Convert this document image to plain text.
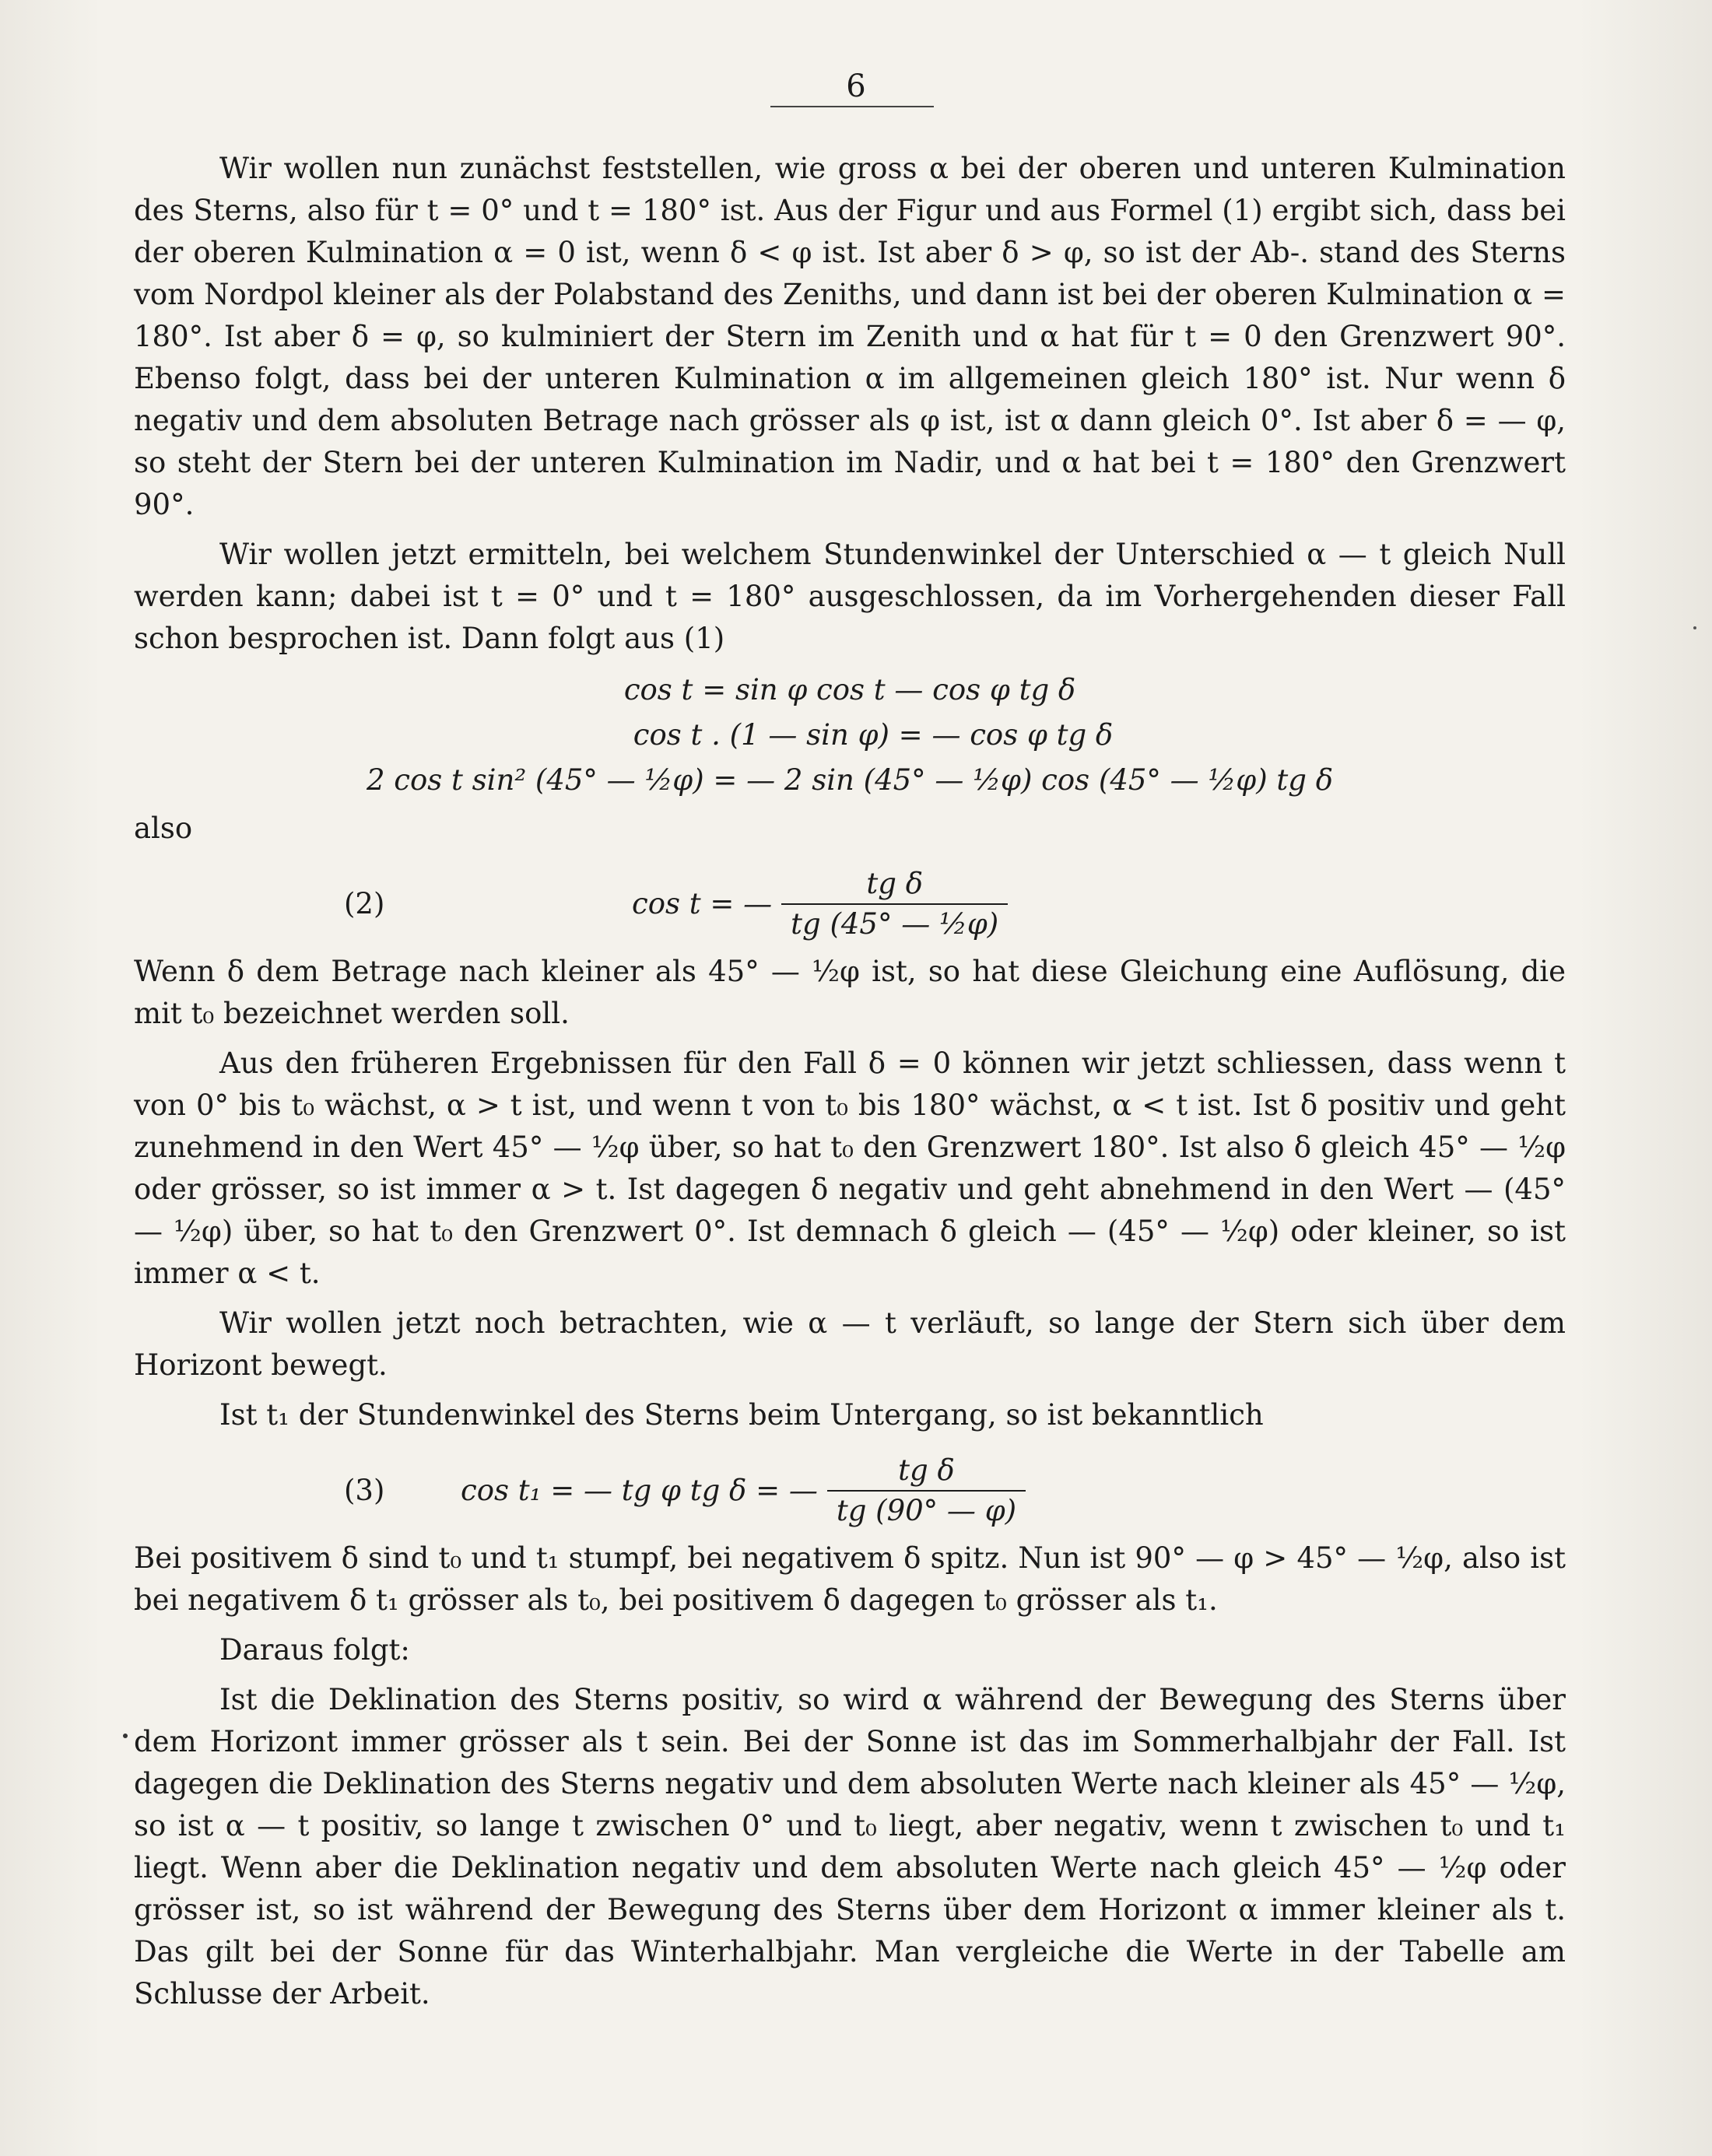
6

Wir wollen nun zunächst feststellen, wie gross α bei der oberen und unteren Kulmination des Sterns, also für t = 0° und t = 180° ist. Aus der Figur und aus Formel (1) ergibt sich, dass bei der oberen Kulmination α = 0 ist, wenn δ < φ ist. Ist aber δ > φ, so ist der Ab-. stand des Sterns vom Nordpol kleiner als der Polabstand des Zeniths, und dann ist bei der oberen Kulmination α = 180°. Ist aber δ = φ, so kulminiert der Stern im Zenith und α hat für t = 0 den Grenzwert 90°. Ebenso folgt, dass bei der unteren Kulmination α im allgemeinen gleich 180° ist. Nur wenn δ negativ und dem absoluten Betrage nach grösser als φ ist, ist α dann gleich 0°. Ist aber δ = — φ, so steht der Stern bei der unteren Kulmination im Nadir, und α hat bei t = 180° den Grenzwert 90°.

Wir wollen jetzt ermitteln, bei welchem Stundenwinkel der Unterschied α — t gleich Null werden kann; dabei ist t = 0° und t = 180° ausgeschlossen, da im Vorhergehenden dieser Fall schon besprochen ist. Dann folgt aus (1)

cos t = sin φ cos t — cos φ tg δ
cos t . (1 — sin φ) = — cos φ tg δ
2 cos t sin² (45° — ½φ) = — 2 sin (45° — ½φ) cos (45° — ½φ) tg δ

also

(2)	cos t = — $\frac{\text{tg δ}}{\text{tg (45° — ½φ)}}$

Wenn δ dem Betrage nach kleiner als 45° — ½φ ist, so hat diese Gleichung eine Auflösung, die mit t₀ bezeichnet werden soll.

Aus den früheren Ergebnissen für den Fall δ = 0 können wir jetzt schliessen, dass wenn t von 0° bis t₀ wächst, α > t ist, und wenn t von t₀ bis 180° wächst, α < t ist. Ist δ positiv und geht zunehmend in den Wert 45° — ½φ über, so hat t₀ den Grenzwert 180°. Ist also δ gleich 45° — ½φ oder grösser, so ist immer α > t. Ist dagegen δ negativ und geht abnehmend in den Wert — (45° — ½φ) über, so hat t₀ den Grenzwert 0°. Ist demnach δ gleich — (45° — ½φ) oder kleiner, so ist immer α < t.

Wir wollen jetzt noch betrachten, wie α — t verläuft, so lange der Stern sich über dem Horizont bewegt.

Ist t₁ der Stundenwinkel des Sterns beim Untergang, so ist bekanntlich

(3)	cos t₁ = — tg φ tg δ = — $\frac{\text{tg δ}}{tg (90^\circ — \varphi)}$

Bei positivem δ sind t₀ und t₁ stumpf, bei negativem δ spitz. Nun ist 90° — φ > 45° — ½φ, also ist bei negativem δ t₁ grösser als t₀, bei positivem δ dagegen t₀ grösser als t₁.

Daraus folgt:

Ist die Deklination des Sterns positiv, so wird α während der Bewegung des Sterns über dem Horizont immer grösser als t sein. Bei der Sonne ist das im Sommerhalbjahr der Fall. Ist dagegen die Deklination des Sterns negativ und dem absoluten Werte nach kleiner als 45° — ½φ, so ist α — t positiv, so lange t zwischen 0° und t₀ liegt, aber negativ, wenn t zwischen t₀ und t₁ liegt. Wenn aber die Deklination negativ und dem absoluten Werte nach gleich 45° — ½φ oder grösser ist, so ist während der Bewegung des Sterns über dem Horizont α immer kleiner als t. Das gilt bei der Sonne für das Winterhalbjahr. Man vergleiche die Werte in der Tabelle am Schlusse der Arbeit.
